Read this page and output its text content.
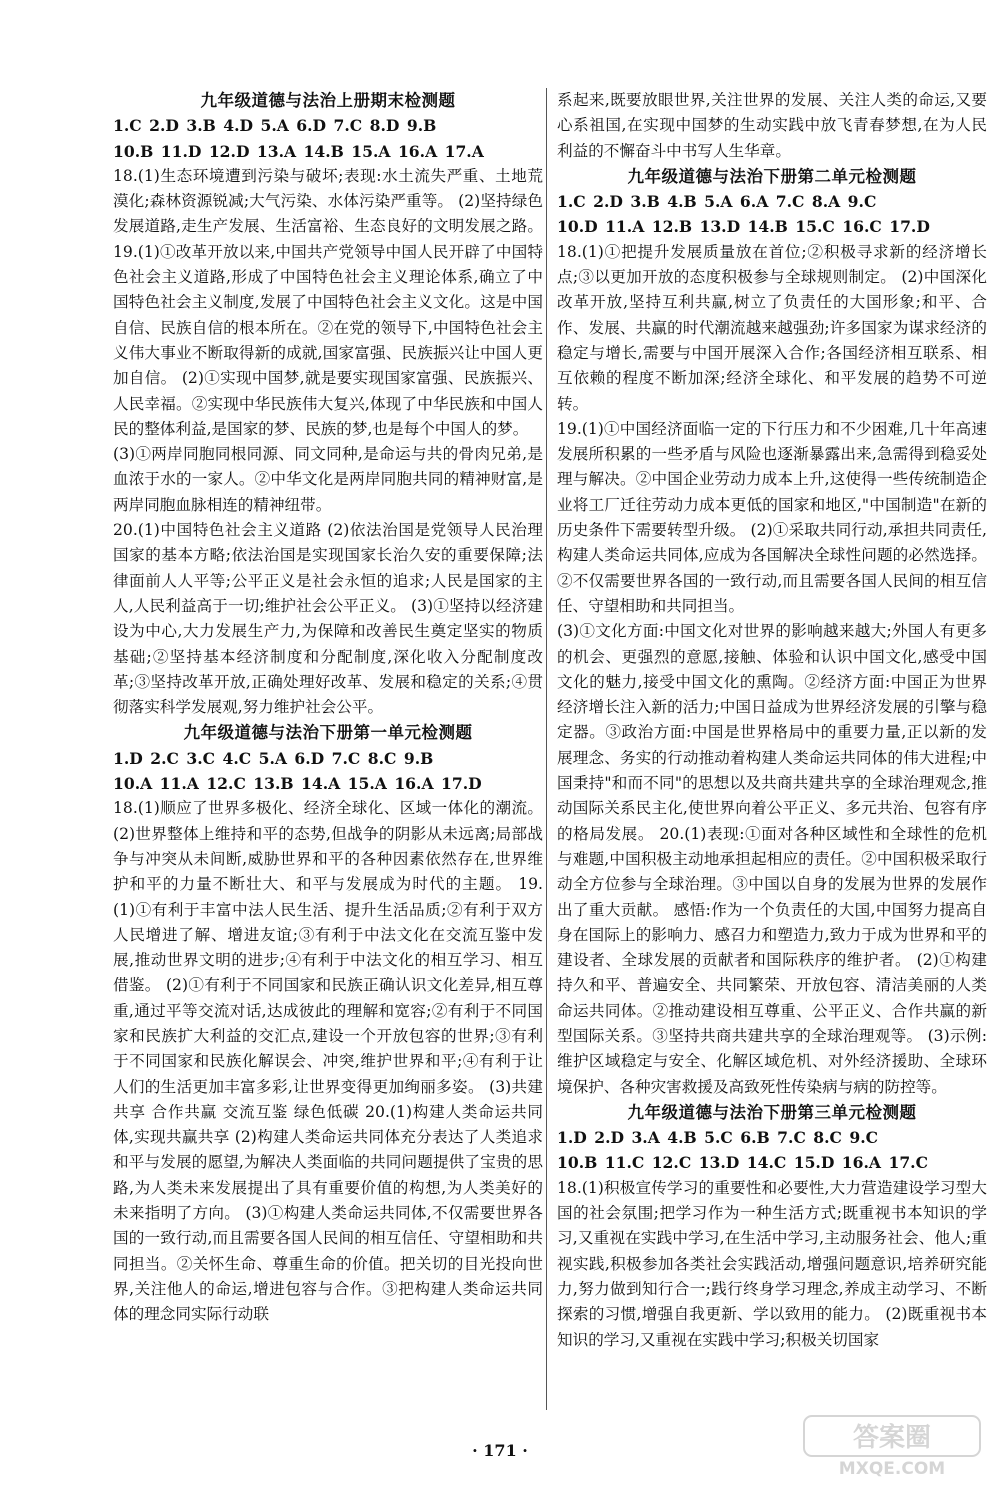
九年级道德与法治上册期末检测题

1.C 2.D 3.B 4.D 5.A 6.D 7.C 8.D 9.B

10.B 11.D 12.D 13.A 14.B 15.A 16.A 17.A

18.(1)生态环境遭到污染与破坏;表现:水土流失严重、土地荒漠化;森林资源锐减;大气污染、水体污染严重等。 (2)坚持绿色发展道路,走生产发展、生活富裕、生态良好的文明发展之路。 19.(1)①改革开放以来,中国共产党领导中国人民开辟了中国特色社会主义道路,形成了中国特色社会主义理论体系,确立了中国特色社会主义制度,发展了中国特色社会主义文化。这是中国自信、民族自信的根本所在。②在党的领导下,中国特色社会主义伟大事业不断取得新的成就,国家富强、民族振兴让中国人更加自信。 (2)①实现中国梦,就是要实现国家富强、民族振兴、人民幸福。②实现中华民族伟大复兴,体现了中华民族和中国人民的整体利益,是国家的梦、民族的梦,也是每个中国人的梦。

(3)①两岸同胞同根同源、同文同种,是命运与共的骨肉兄弟,是血浓于水的一家人。②中华文化是两岸同胞共同的精神财富,是两岸同胞血脉相连的精神纽带。

20.(1)中国特色社会主义道路 (2)依法治国是党领导人民治理国家的基本方略;依法治国是实现国家长治久安的重要保障;法律面前人人平等;公平正义是社会永恒的追求;人民是国家的主人,人民利益高于一切;维护社会公平正义。 (3)①坚持以经济建设为中心,大力发展生产力,为保障和改善民生奠定坚实的物质基础;②坚持基本经济制度和分配制度,深化收入分配制度改革;③坚持改革开放,正确处理好改革、发展和稳定的关系;④贯彻落实科学发展观,努力维护社会公平。

九年级道德与法治下册第一单元检测题

1.D 2.C 3.C 4.C 5.A 6.D 7.C 8.C 9.B

10.A 11.A 12.C 13.B 14.A 15.A 16.A 17.D

18.(1)顺应了世界多极化、经济全球化、区域一体化的潮流。 (2)世界整体上维持和平的态势,但战争的阴影从未远离;局部战争与冲突从未间断,威胁世界和平的各种因素依然存在,世界维护和平的力量不断壮大、和平与发展成为时代的主题。 19.(1)①有利于丰富中法人民生活、提升生活品质;②有利于双方人民增进了解、增进友谊;③有利于中法文化在交流互鉴中发展,推动世界文明的进步;④有利于中法文化的相互学习、相互借鉴。 (2)①有利于不同国家和民族正确认识文化差异,相互尊重,通过平等交流对话,达成彼此的理解和宽容;②有利于不同国家和民族扩大利益的交汇点,建设一个开放包容的世界;③有利于不同国家和民族化解误会、冲突,维护世界和平;④有利于让人们的生活更加丰富多彩,让世界变得更加绚丽多姿。 (3)共建共享 合作共赢 交流互鉴 绿色低碳 20.(1)构建人类命运共同体,实现共赢共享 (2)构建人类命运共同体充分表达了人类追求和平与发展的愿望,为解决人类面临的共同问题提供了宝贵的思路,为人类未来发展提出了具有重要价值的构想,为人类美好的未来指明了方向。 (3)①构建人类命运共同体,不仅需要世界各国的一致行动,而且需要各国人民间的相互信任、守望相助和共同担当。②关怀生命、尊重生命的价值。把关切的目光投向世界,关注他人的命运,增进包容与合作。③把构建人类命运共同体的理念同实际行动联

系起来,既要放眼世界,关注世界的发展、关注人类的命运,又要心系祖国,在实现中国梦的生动实践中放飞青春梦想,在为人民利益的不懈奋斗中书写人生华章。

九年级道德与法治下册第二单元检测题

1.C 2.D 3.B 4.B 5.A 6.A 7.C 8.A 9.C

10.D 11.A 12.B 13.D 14.B 15.C 16.C 17.D

18.(1)①把提升发展质量放在首位;②积极寻求新的经济增长点;③以更加开放的态度积极参与全球规则制定。 (2)中国深化改革开放,坚持互利共赢,树立了负责任的大国形象;和平、合作、发展、共赢的时代潮流越来越强劲;许多国家为谋求经济的稳定与增长,需要与中国开展深入合作;各国经济相互联系、相互依赖的程度不断加深;经济全球化、和平发展的趋势不可逆转。

19.(1)①中国经济面临一定的下行压力和不少困难,几十年高速发展所积累的一些矛盾与风险也逐渐暴露出来,急需得到稳妥处理与解决。②中国企业劳动力成本上升,这使得一些传统制造企业将工厂迁往劳动力成本更低的国家和地区,"中国制造"在新的历史条件下需要转型升级。 (2)①采取共同行动,承担共同责任,构建人类命运共同体,应成为各国解决全球性问题的必然选择。②不仅需要世界各国的一致行动,而且需要各国人民间的相互信任、守望相助和共同担当。

(3)①文化方面:中国文化对世界的影响越来越大;外国人有更多的机会、更强烈的意愿,接触、体验和认识中国文化,感受中国文化的魅力,接受中国文化的熏陶。②经济方面:中国正为世界经济增长注入新的活力;中国日益成为世界经济发展的引擎与稳定器。③政治方面:中国是世界格局中的重要力量,正以新的发展理念、务实的行动推动着构建人类命运共同体的伟大进程;中国秉持"和而不同"的思想以及共商共建共享的全球治理观念,推动国际关系民主化,使世界向着公平正义、多元共治、包容有序的格局发展。 20.(1)表现:①面对各种区域性和全球性的危机与难题,中国积极主动地承担起相应的责任。②中国积极采取行动全方位参与全球治理。③中国以自身的发展为世界的发展作出了重大贡献。 感悟:作为一个负责任的大国,中国努力提高自身在国际上的影响力、感召力和塑造力,致力于成为世界和平的建设者、全球发展的贡献者和国际秩序的维护者。 (2)①构建持久和平、普遍安全、共同繁荣、开放包容、清洁美丽的人类命运共同体。②推动建设相互尊重、公平正义、合作共赢的新型国际关系。③坚持共商共建共享的全球治理观等。 (3)示例:维护区域稳定与安全、化解区域危机、对外经济援助、全球环境保护、各种灾害救援及高致死性传染病与病的防控等。

九年级道德与法治下册第三单元检测题

1.D 2.D 3.A 4.B 5.C 6.B 7.C 8.C 9.C

10.B 11.C 12.C 13.D 14.C 15.D 16.A 17.C

18.(1)积极宣传学习的重要性和必要性,大力营造建设学习型大国的社会氛围;把学习作为一种生活方式;既重视书本知识的学习,又重视在实践中学习,在生活中学习,主动服务社会、他人;重视实践,积极参加各类社会实践活动,增强问题意识,培养研究能力,努力做到知行合一;践行终身学习理念,养成主动学习、不断探索的习惯,增强自我更新、学以致用的能力。 (2)既重视书本知识的学习,又重视在实践中学习;积极关切国家

· 171 ·	答案圈
MXQE.COM
